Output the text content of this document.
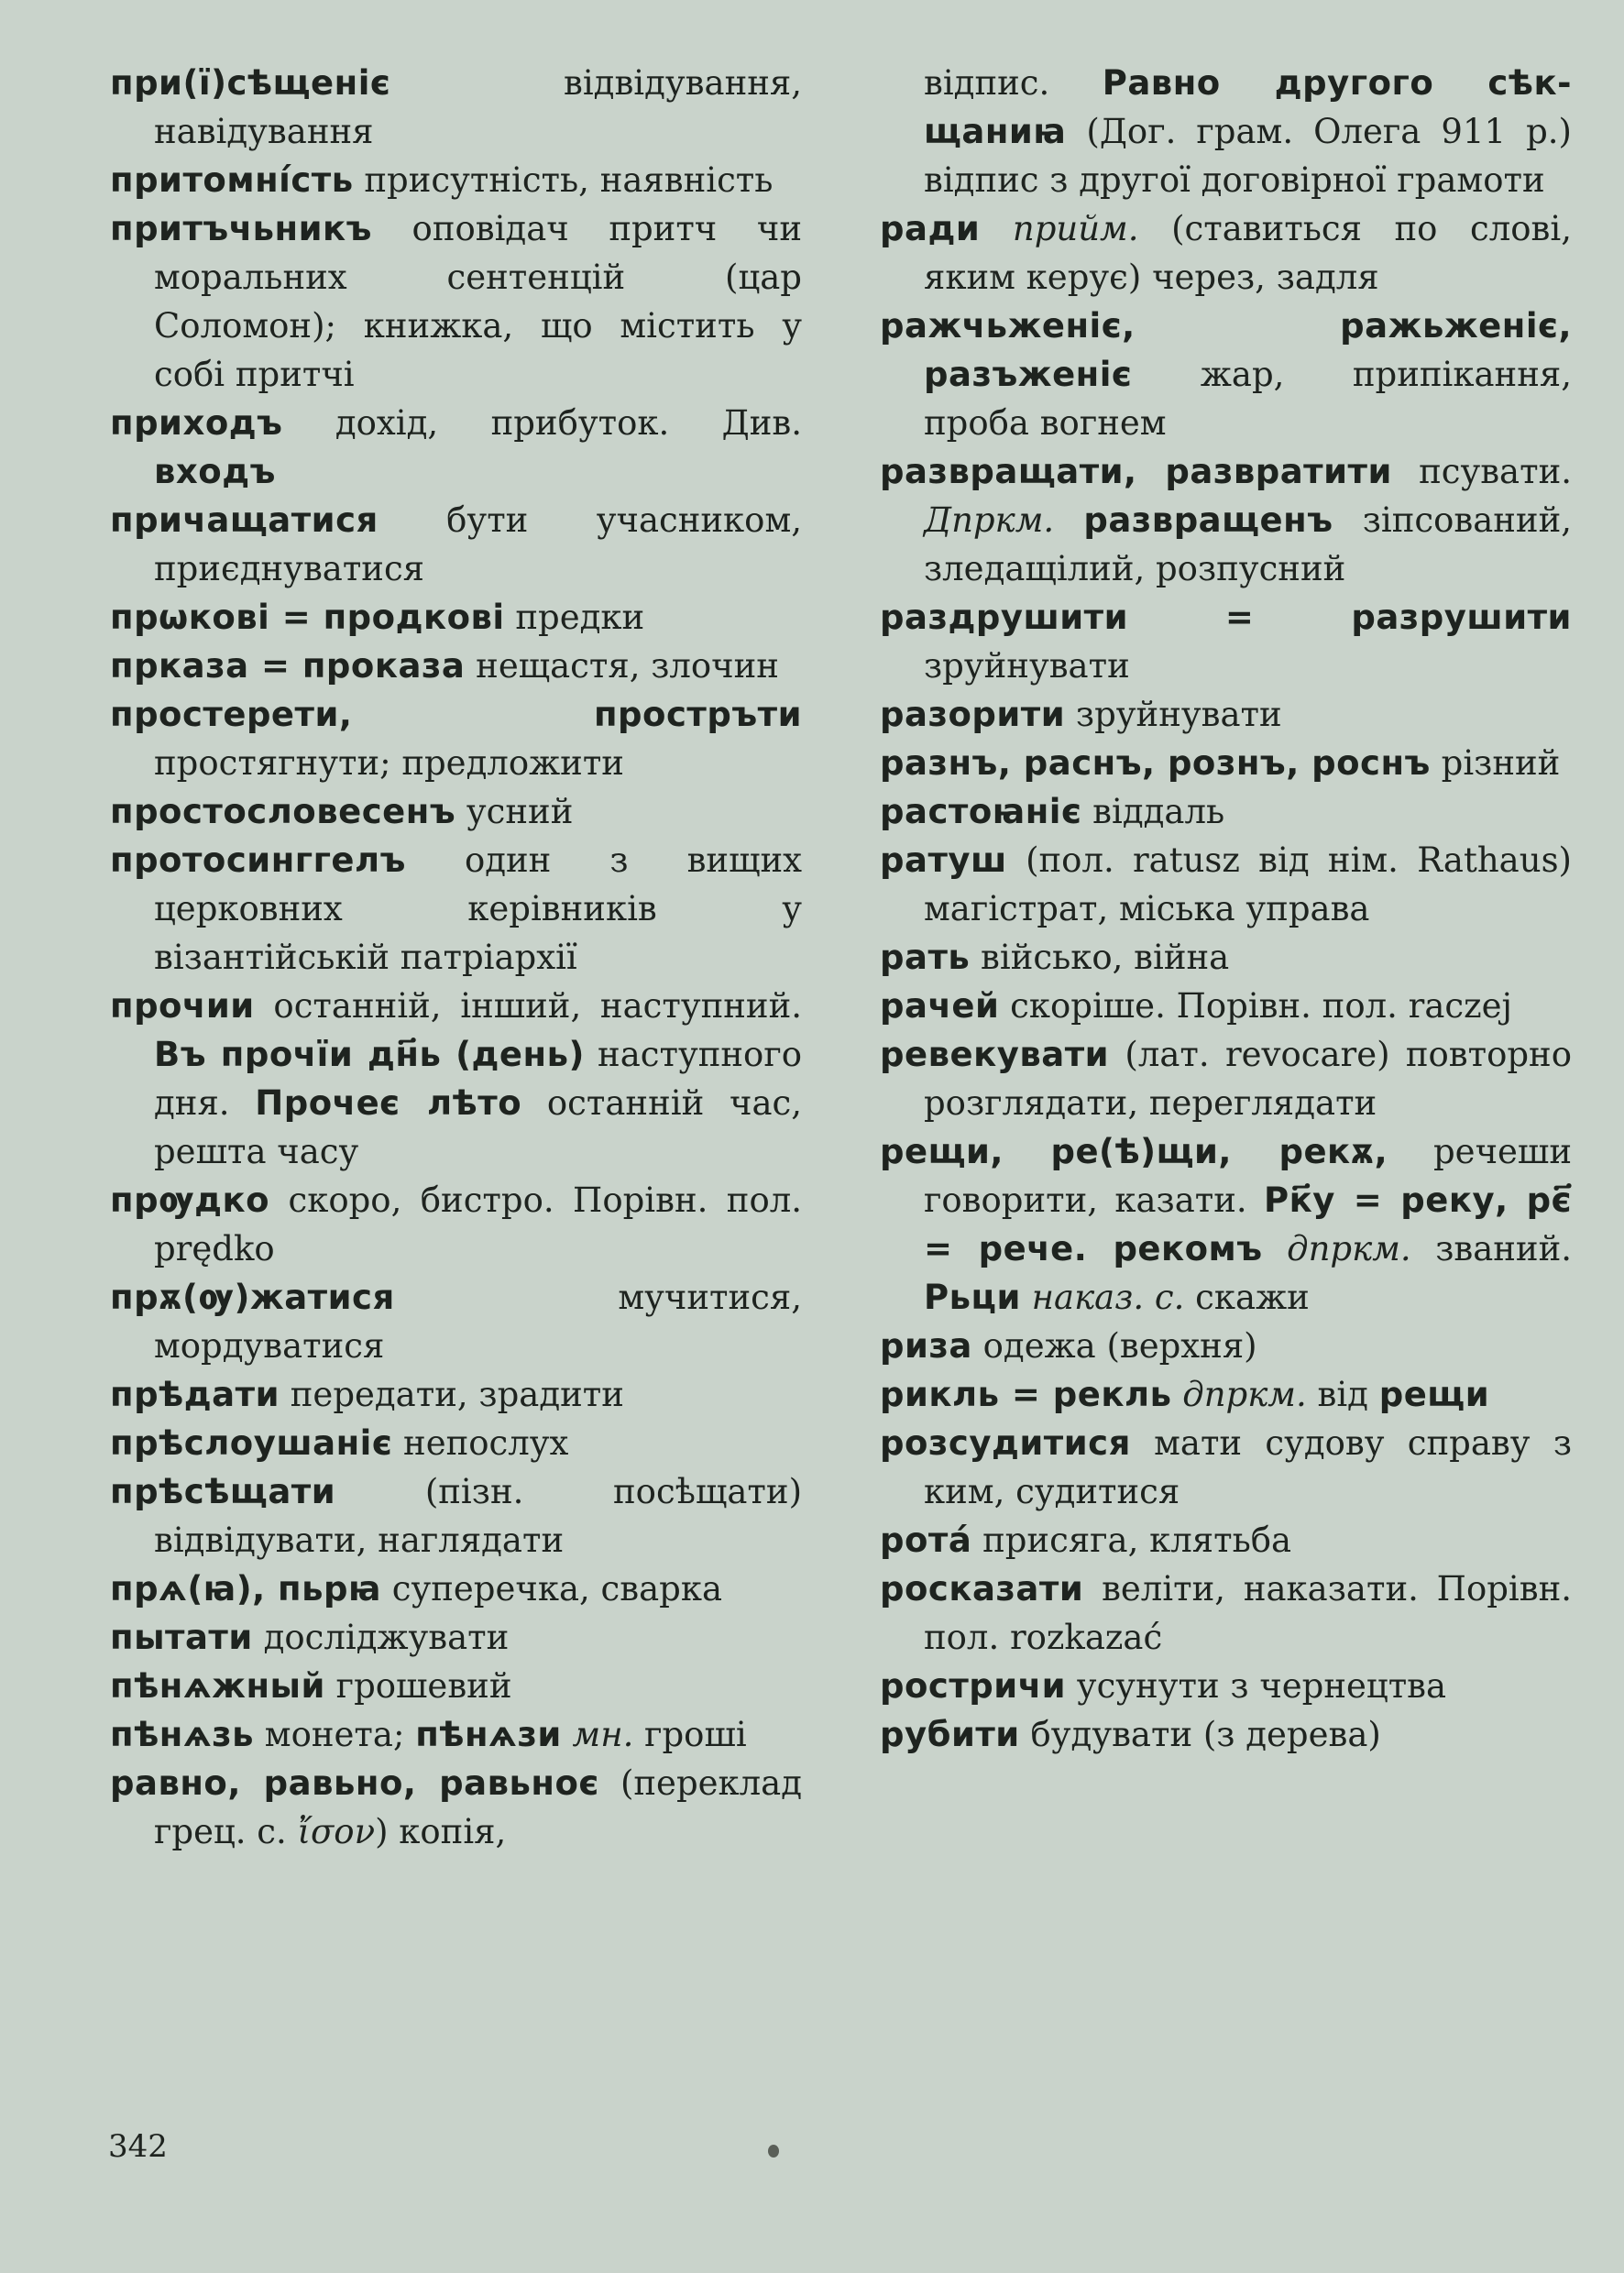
при(ї)сѣщеніє відвідування, навідування

притомні́сть присутність, наявність

притъчьникъ оповідач притч чи моральних сентенцій (цар Соломон); книжка, що містить у собі притчі

приходъ дохід, прибуток. Див. входъ

причащатися бути учасником, приєднуватися

прѡкові = продкові предки

прказа = проказа нещастя, злочин

простерети, простръти простягнути; предложити

простословесенъ усний

протосинггелъ один з вищих церковних керівників у візантійській патріархії

прочии останній, інший, наступний. Въ прочїи дн҃ь (день) наступного дня. Прочеє лѣто останній час, решта часу

прѹдко скоро, бистро. Порівн. пол. prędko

прѫ(ѹ)жатися мучитися, мордуватися

прѣдати передати, зрадити

прѣслоушаніє непослух

прѣсѣщати (пізн. посѣщати) відвідувати, наглядати

прѧ(ꙗ), пьрꙗ суперечка, сварка

пытати досліджувати

пѣнѧжный грошевий

пѣнѧзь монета; пѣнѧзи мн. гроші

равно, равьно, равьноє (переклад грец. с. ἴσον) копія,

відпис. Равно другого сѣк-щаниꙗ (Дог. грам. Олега 911 р.) відпис з другої договірної грамоти

ради прийм. (ставиться по слові, яким керує) через, задля

ражчьженіє, ражьженіє, разъженіє жар, припікання, проба вогнем

развращати, развратити псувати. Дпркм. развращенъ зіпсований, зледащілий, розпусний

раздрушити = разрушити зруйнувати

разорити зруйнувати

разнъ, раснъ, рознъ, роснъ різний

растоꙗніє віддаль

ратуш (пол. ratusz від нім. Rathaus) магістрат, міська управа

рать військо, війна

рачей скоріше. Порівн. пол. raczej

ревекувати (лат. revocare) повторно розглядати, переглядати

рещи, ре(ѣ)щи, рекѫ, речеши говорити, казати. Рк҃у = реку, рє҃ = рече. рекомъ дпркм. званий. Рьци наказ. с. скажи

риза одежа (верхня)

рикль = рекль дпркм. від рещи

розсудитися мати судову справу з ким, судитися

ротá присяга, клятьба

росказати веліти, наказати. Порівн. пол. rozkazać

ростричи усунути з чернецтва

рубити будувати (з дерева)

342
